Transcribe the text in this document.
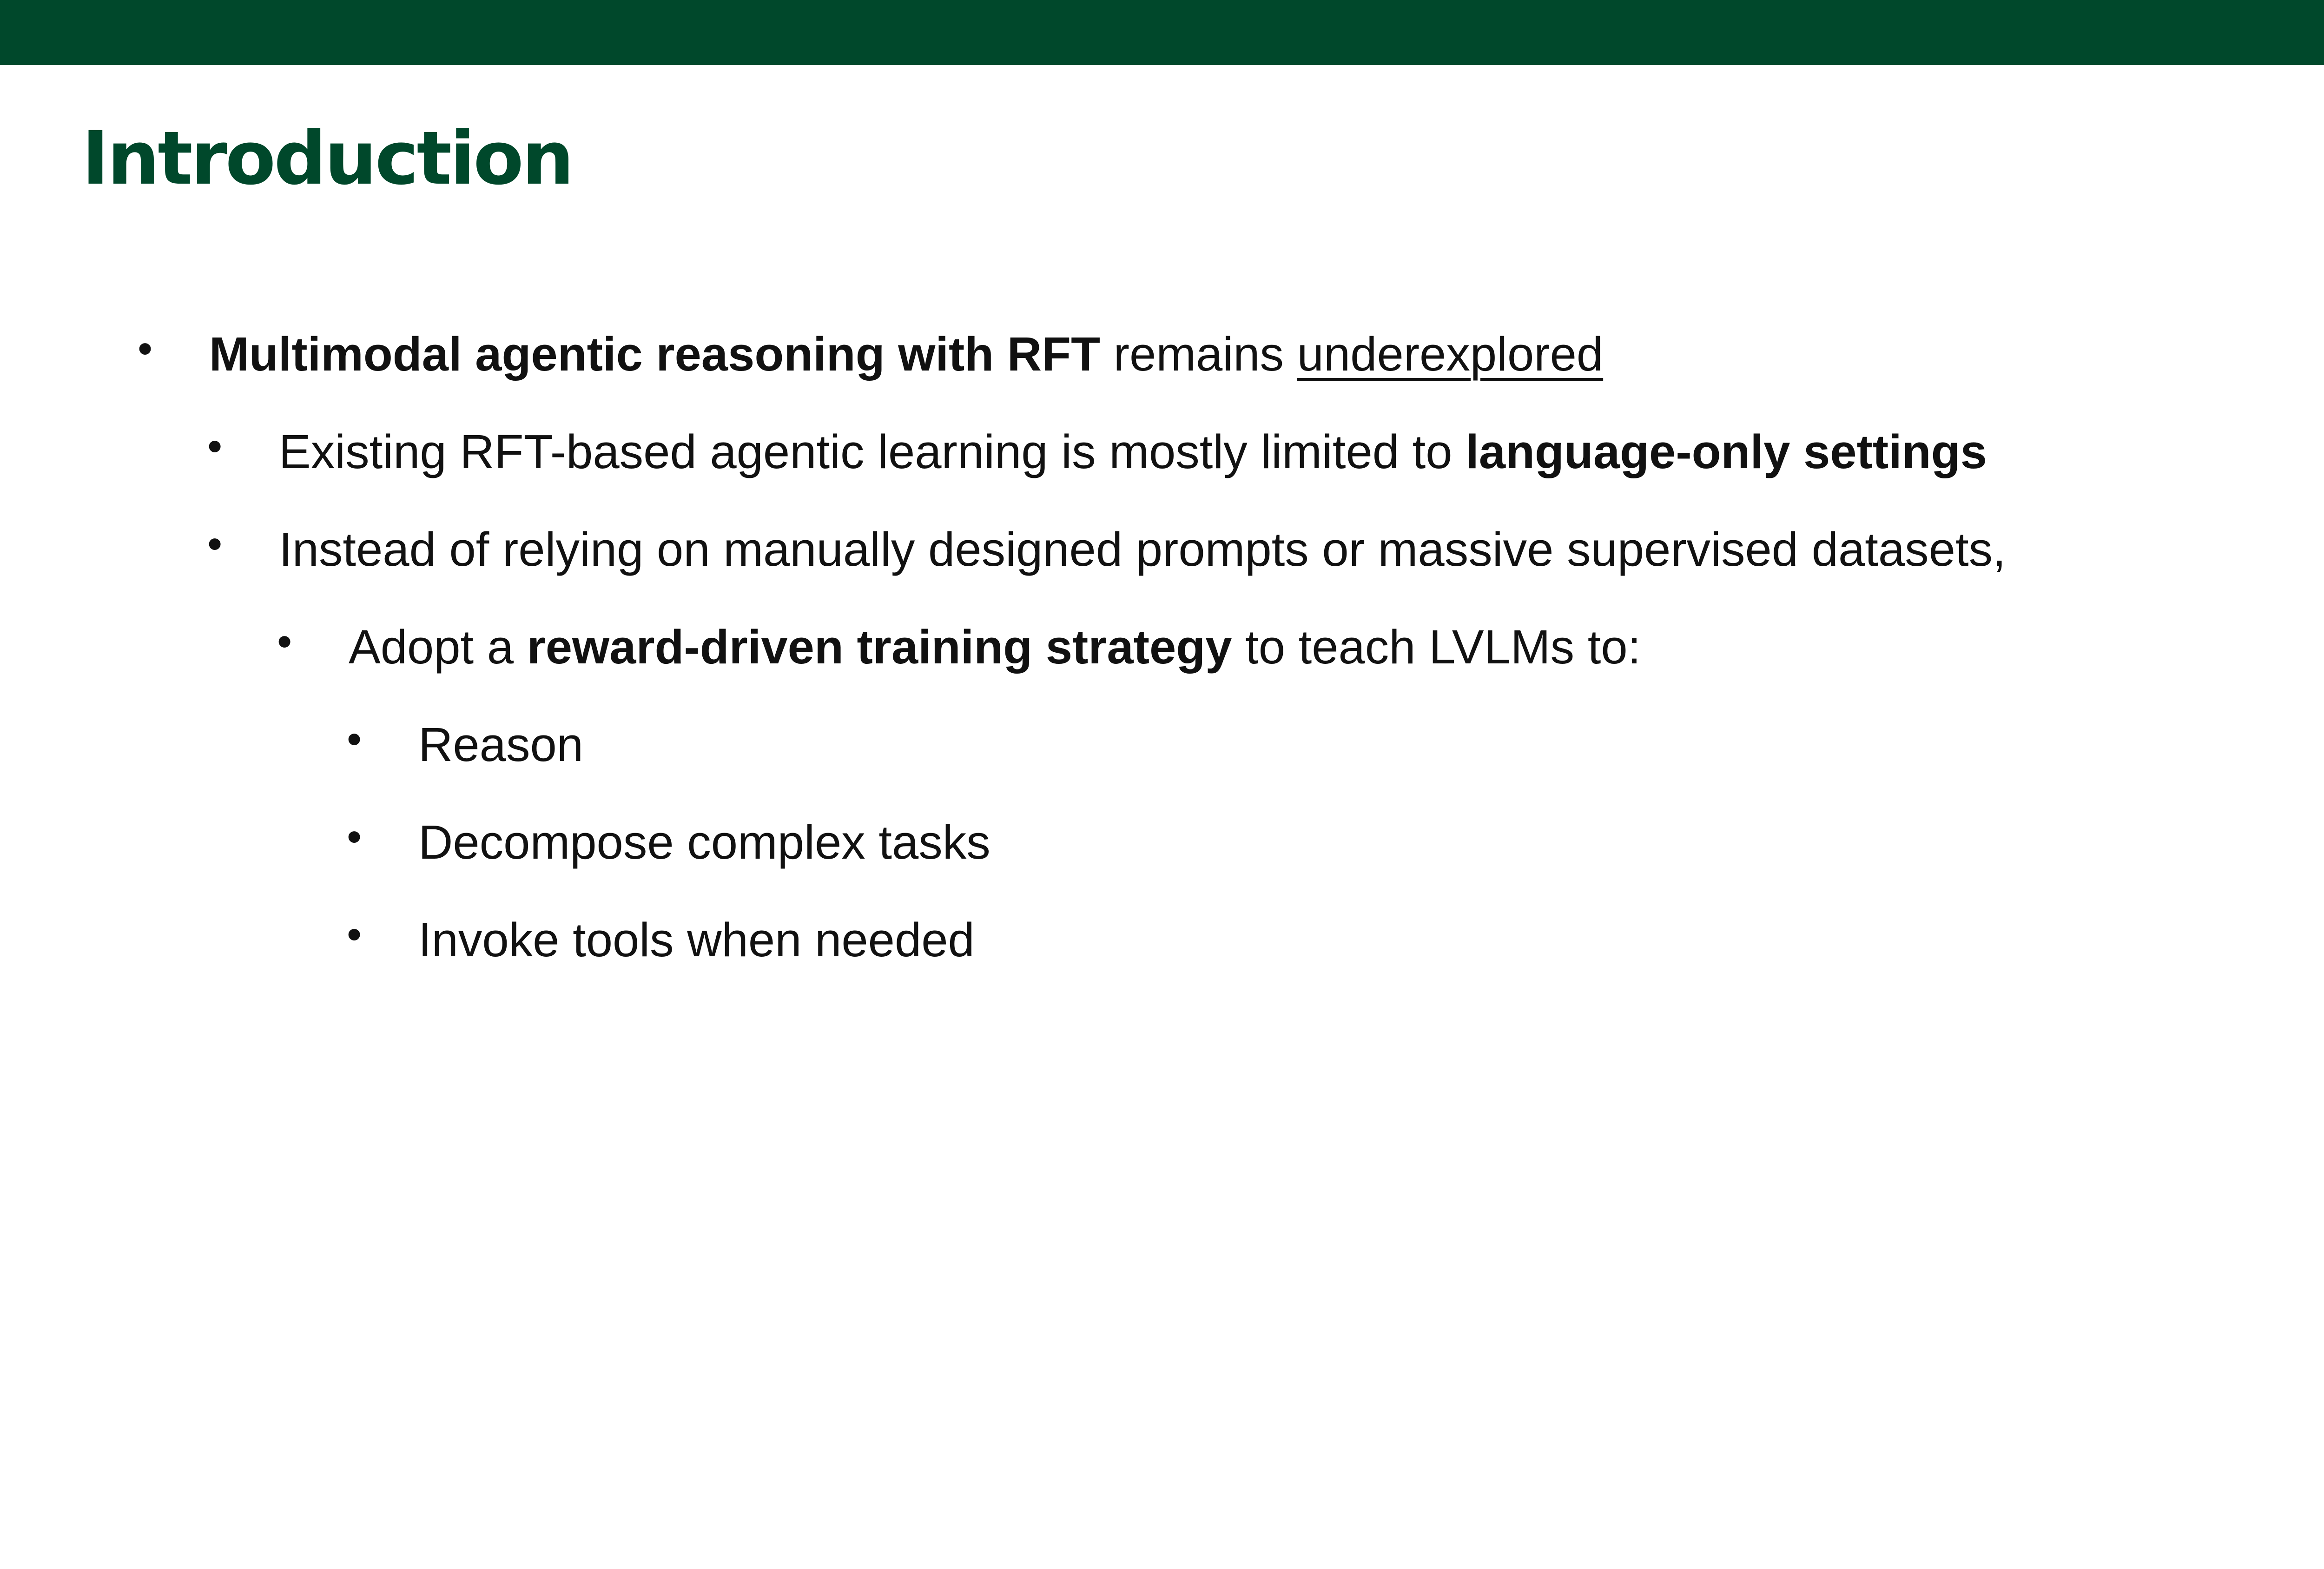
Introduction
• Multimodal agentic reasoning with RFT remains underexplored
• Existing RFT-based agentic learning is mostly limited to language-only settings
• Instead of relying on manually designed prompts or massive supervised datasets,
• Adopt a reward-driven training strategy to teach LVLMs to:
• Reason
• Decompose complex tasks
• Invoke tools when needed
